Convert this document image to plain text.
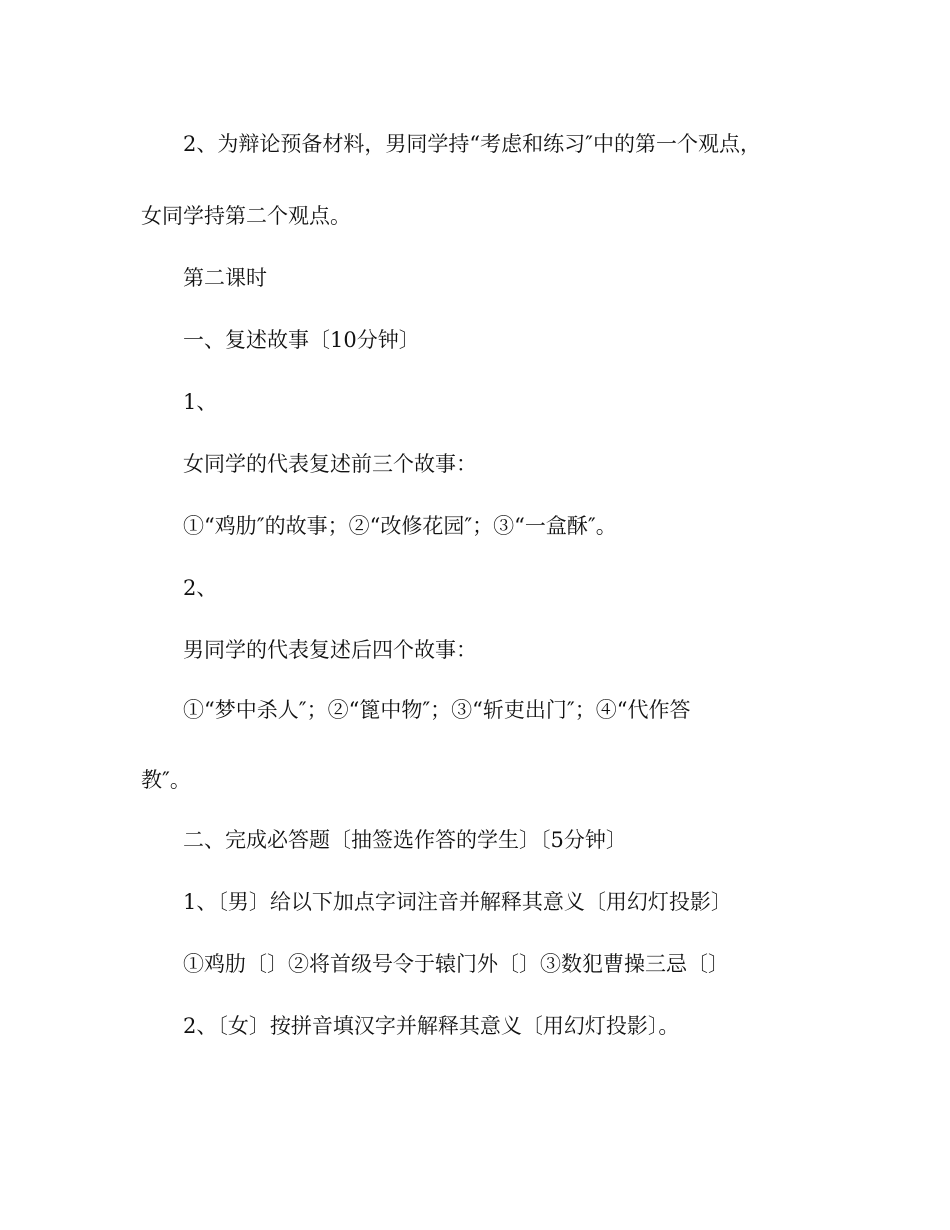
2、为辩论预备材料，男同学持“考虑和练习″中的第一个观点，
女同学持第二个观点。
第二课时
一、复述故事〔10分钟〕
1、
女同学的代表复述前三个故事：
①“鸡肋″的故事；②“改修花园″；③“一盒酥″。
2、
男同学的代表复述后四个故事：
①“梦中杀人″；②“篦中物″；③“斩吏出门″；④“代作答
教″。
二、完成必答题〔抽签选作答的学生〕〔5分钟〕
1、〔男〕给以下加点字词注音并解释其意义〔用幻灯投影〕
①鸡肋〔〕②将首级号令于辕门外〔〕③数犯曹操三忌〔〕
2、〔女〕按拼音填汉字并解释其意义〔用幻灯投影〕。
